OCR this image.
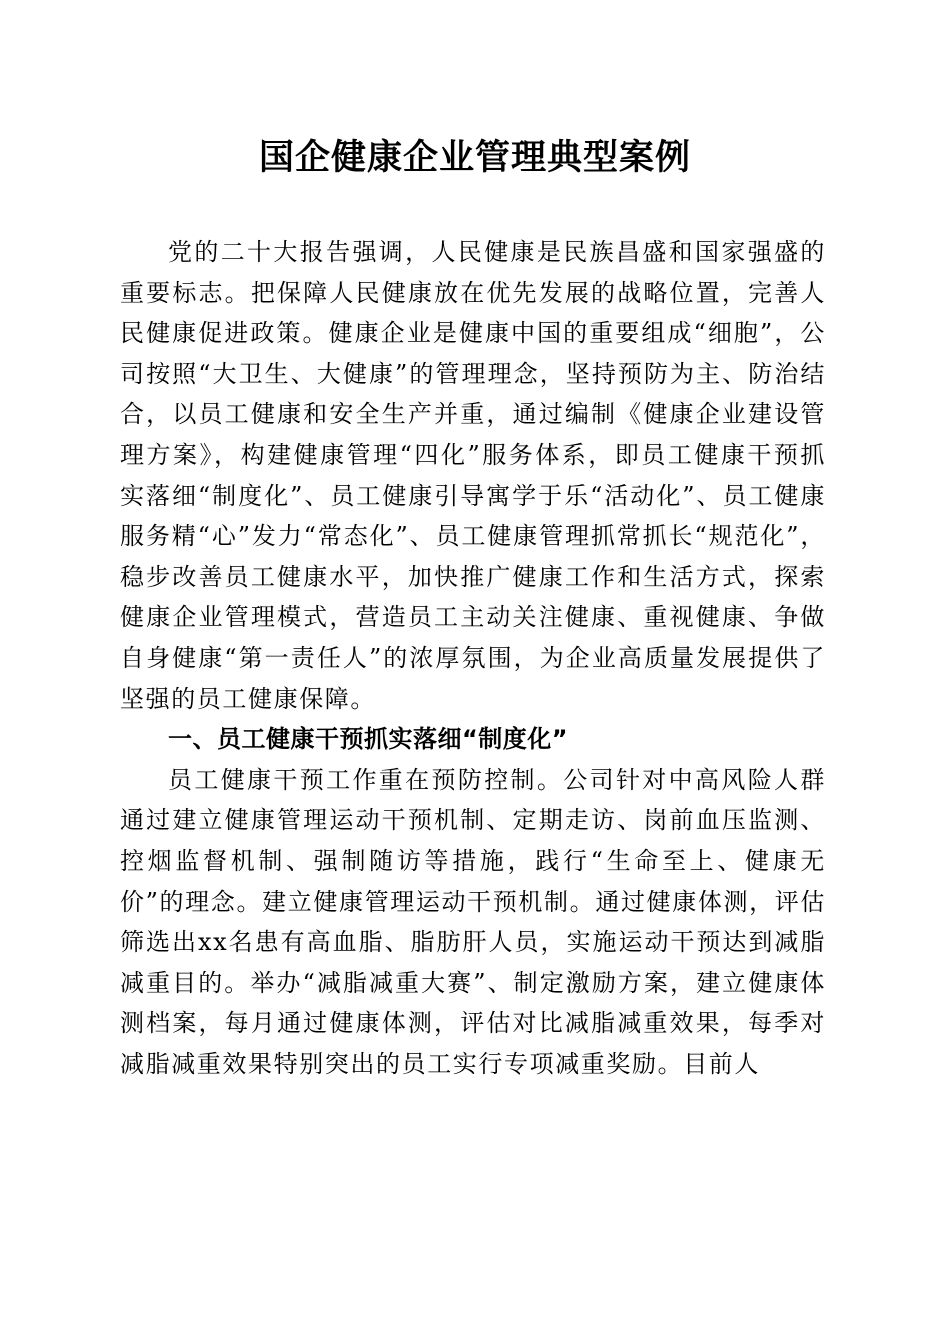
国企健康企业管理典型案例

党的二十大报告强调，人民健康是民族昌盛和国家强盛的重要标志。把保障人民健康放在优先发展的战略位置，完善人民健康促进政策。健康企业是健康中国的重要组成“细胞”，公司按照“大卫生、大健康”的管理理念，坚持预防为主、防治结合，以员工健康和安全生产并重，通过编制《健康企业建设管理方案》，构建健康管理“四化”服务体系，即员工健康干预抓实落细“制度化”、员工健康引导寓学于乐“活动化”、员工健康服务精“心”发力“常态化”、员工健康管理抓常抓长“规范化”，稳步改善员工健康水平，加快推广健康工作和生活方式，探索健康企业管理模式，营造员工主动关注健康、重视健康、争做自身健康“第一责任人”的浓厚氛围，为企业高质量发展提供了坚强的员工健康保障。

一、员工健康干预抓实落细“制度化”

员工健康干预工作重在预防控制。公司针对中高风险人群通过建立健康管理运动干预机制、定期走访、岗前血压监测、控烟监督机制、强制随访等措施，践行“生命至上、健康无价”的理念。建立健康管理运动干预机制。通过健康体测，评估筛选出xx名患有高血脂、脂肪肝人员，实施运动干预达到减脂减重目的。举办“减脂减重大赛”、制定激励方案，建立健康体测档案，每月通过健康体测，评估对比减脂减重效果，每季对减脂减重效果特别突出的员工实行专项减重奖励。目前人
